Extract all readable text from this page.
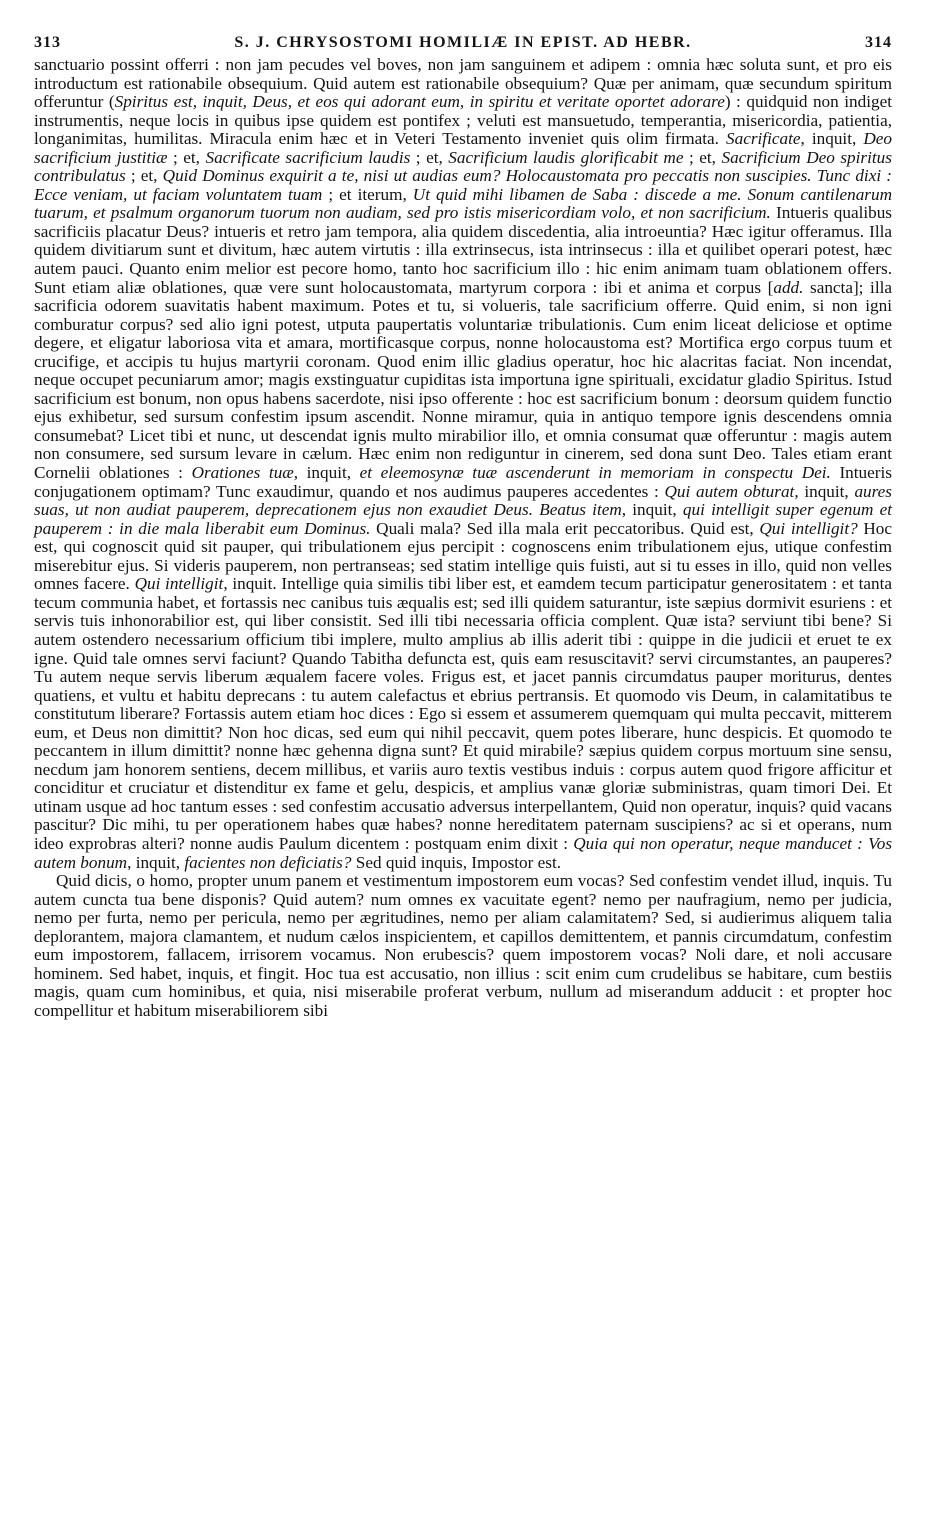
313	S. J. CHRYSOSTOMI HOMILIÆ IN EPIST. AD HEBR.	314

sanctuario possint offerri : non jam pecudes vel boves, non jam sanguinem et adipem : omnia hæc soluta sunt, et pro eis introductum est rationabile obsequium. Quid autem est rationabile obsequium? Quæ per animam, quæ secundum spiritum offeruntur (Spiritus est, inquit, Deus, et eos qui adorant eum, in spiritu et veritate oportet adorare) : quidquid non indiget instrumentis, neque locis in quibus ipse quidem est pontifex ; veluti est mansuetudo, temperantia, misericordia, patientia, longanimitas, humilitas. Miracula enim hæc et in Veteri Testamento inveniet quis olim firmata. Sacrificate, inquit, Deo sacrificium justitiæ ; et, Sacrificate sacrificium laudis ; et, Sacrificium laudis glorificabit me ; et, Sacrificium Deo spiritus contribulatus ; et, Quid Dominus exquirit a te, nisi ut audias eum? Holocaustomata pro peccatis non suscipies. Tunc dixi : Ecce veniam, ut faciam voluntatem tuam ; et iterum, Ut quid mihi libamen de Saba : discede a me. Sonum cantilenarum tuarum, et psalmum organorum tuorum non audiam, sed pro istis misericordiam volo, et non sacrificium. Intueris qualibus sacrificiis placatur Deus? intueris et retro jam tempora, alia quidem discedentia, alia introeuntia? Hæc igitur offeramus. Illa quidem divitiarum sunt et divitum, hæc autem virtutis : illa extrinsecus, ista intrinsecus : illa et quilibet operari potest, hæc autem pauci. Quanto enim melior est pecore homo, tanto hoc sacrificium illo : hic enim animam tuam oblationem offers. Sunt etiam aliæ oblationes, quæ vere sunt holocaustomata, martyrum corpora : ibi et anima et corpus [add. sancta]; illa sacrificia odorem suavitatis habent maximum. Potes et tu, si volueris, tale sacrificium offerre. Quid enim, si non igni comburatur corpus? sed alio igni potest, utputa paupertatis voluntariæ tribulationis. Cum enim liceat deliciose et optime degere, et eligatur laboriosa vita et amara, mortificasque corpus, nonne holocaustoma est? Mortifica ergo corpus tuum et crucifige, et accipis tu hujus martyrii coronam. Quod enim illic gladius operatur, hoc hic alacritas faciat. Non incendat, neque occupet pecuniarum amor; magis exstinguatur cupiditas ista importuna igne spirituali, excidatur gladio Spiritus. Istud sacrificium est bonum, non opus habens sacerdote, nisi ipso offerente : hoc est sacrificium bonum : deorsum quidem functio ejus exhibetur, sed sursum confestim ipsum ascendit. Nonne miramur, quia in antiquo tempore ignis descendens omnia consumebat? Licet tibi et nunc, ut descendat ignis multo mirabilior illo, et omnia consumat quæ offeruntur : magis autem non consumere, sed sursum levare in cælum. Hæc enim non rediguntur in cinerem, sed dona sunt Deo. Tales etiam erant Cornelii oblationes : Orationes tuæ, inquit, et eleemosynæ tuæ ascenderunt in memoriam in conspectu Dei. Intueris conjugationem optimam? Tunc exaudimur, quando et nos audimus pauperes accedentes : Qui autem obturat, inquit, aures suas, ut non audiat pauperem, deprecationem ejus non exaudiet Deus. Beatus item, inquit, qui intelligit super egenum et pauperem : in die mala liberabit eum Dominus. Quali mala? Sed illa mala erit peccatoribus. Quid est, Qui intelligit? Hoc est, qui cognoscit quid sit pauper, qui tribulationem ejus percipit : cognoscens enim tribulationem ejus, utique confestim miserebitur ejus. Si videris pauperem, non pertranseas; sed statim intellige quis fuisti, aut si tu esses in illo, quid non velles omnes facere. Qui intelligit, inquit. Intellige quia similis tibi liber est, et eamdem tecum participatur generositatem : et tanta tecum communia habet, et fortassis nec canibus tuis æqualis est; sed illi quidem saturantur, iste sæpius dormivit esuriens : et servis tuis inhonorabilior est, qui liber consistit. Sed illi tibi necessaria officia complent. Quæ ista? serviunt tibi bene? Si autem ostendero necessarium officium tibi implere, multo amplius ab illis aderit tibi : quippe in die judicii et eruet te ex igne. Quid tale omnes servi faciunt? Quando Tabitha defuncta est, quis eam resuscitavit? servi circumstantes, an pauperes? Tu autem neque servis liberum æqualem facere voles. Frigus est, et jacet pannis circumdatus pauper moriturus, dentes quatiens, et vultu et habitu deprecans : tu autem calefactus et ebrius pertransis. Et quomodo vis Deum, in calamitatibus te constitutum liberare? Fortassis autem etiam hoc dices : Ego si essem et assumerem quemquam qui multa peccavit, mitterem eum, et Deus non dimittit? Non hoc dicas, sed eum qui nihil peccavit, quem potes liberare, hunc despicis. Et quomodo te peccantem in illum dimittit? nonne hæc gehenna digna sunt? Et quid mirabile? sæpius quidem corpus mortuum sine sensu, necdum jam honorem sentiens, decem millibus, et variis auro textis vestibus induis : corpus autem quod frigore afficitur et conciditur et cruciatur et distenditur ex fame et gelu, despicis, et amplius vanæ gloriæ subministras, quam timori Dei. Et utinam usque ad hoc tantum esses : sed confestim accusatio adversus interpellantem, Quid non operatur, inquis? quid vacans pascitur? Dic mihi, tu per operationem habes quæ habes? nonne hereditatem paternam suscipiens? ac si et operans, num ideo exprobras alteri? nonne audis Paulum dicentem : postquam enim dixit : Quia qui non operatur, neque manducet : Vos autem bonum, inquit, facientes non deficiatis? Sed quid inquis, Impostor est.

Quid dicis, o homo, propter unum panem et vestimentum impostorem eum vocas? Sed confestim vendet illud, inquis. Tu autem cuncta tua bene disponis? Quid autem? num omnes ex vacuitate egent? nemo per naufragium, nemo per judicia, nemo per furta, nemo per pericula, nemo per ægritudines, nemo per aliam calamitatem? Sed, si audierimus aliquem talia deplorantem, majora clamantem, et nudum cælos inspicientem, et capillos demittentem, et pannis circumdatum, confestim eum impostorem, fallacem, irrisorem vocamus. Non erubescis? quem impostorem vocas? Noli dare, et noli accusare hominem. Sed habet, inquis, et fingit. Hoc tua est accusatio, non illius : scit enim cum crudelibus se habitare, cum bestiis magis, quam cum hominibus, et quia, nisi miserabile proferat verbum, nullum ad miserandum adducit : et propter hoc compellitur et habitum miserabiliorem sibi
